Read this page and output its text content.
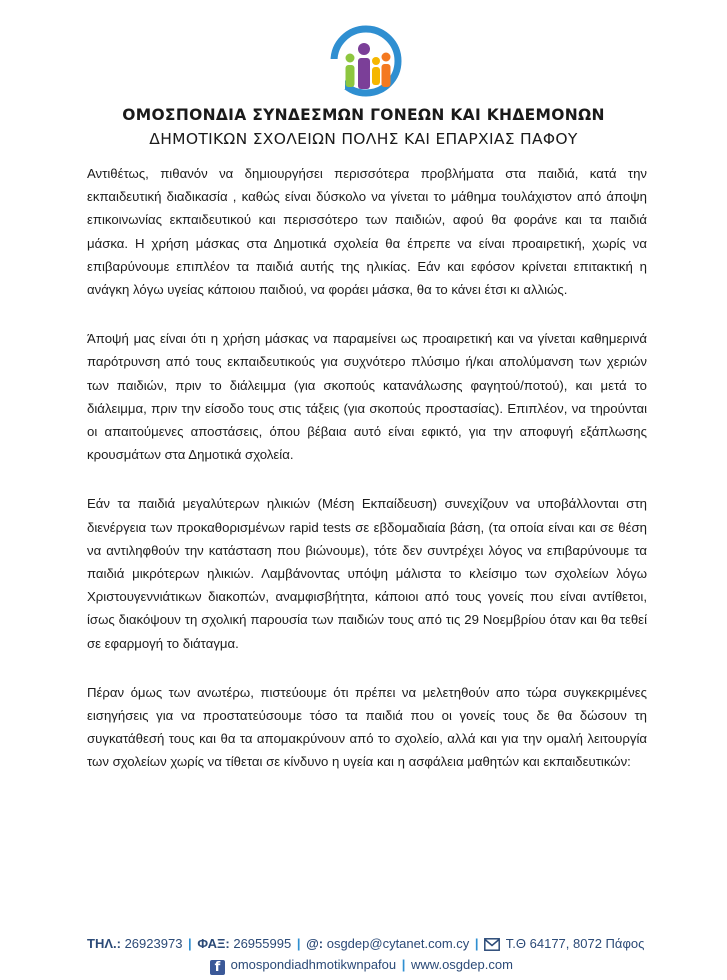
ΟΜΟΣΠΟΝΔΙΑ ΣΥΝΔΕΣΜΩΝ ΓΟΝΕΩΝ ΚΑΙ ΚΗΔΕΜΟΝΩΝ
ΔΗΜΟΤΙΚΩΝ ΣΧΟΛΕΙΩΝ ΠΟΛΗΣ ΚΑΙ ΕΠΑΡΧΙΑΣ ΠΑΦΟΥ

Αντιθέτως, πιθανόν να δημιουργήσει περισσότερα προβλήματα στα παιδιά, κατά την εκπαιδευτική διαδικασία , καθώς είναι δύσκολο να γίνεται το μάθημα τουλάχιστον από άποψη επικοινωνίας εκπαιδευτικού και περισσότερο των παιδιών, αφού θα φοράνε και τα παιδιά μάσκα. Η χρήση μάσκας στα Δημοτικά σχολεία θα έπρεπε να είναι προαιρετική, χωρίς να επιβαρύνουμε επιπλέον τα παιδιά αυτής της ηλικίας. Εάν και εφόσον κρίνεται επιτακτική η ανάγκη λόγω υγείας κάποιου παιδιού, να φοράει μάσκα, θα το κάνει έτσι κι αλλιώς.

Άποψή μας είναι ότι η χρήση μάσκας να παραμείνει ως προαιρετική και να γίνεται καθημερινά παρότρυνση από τους εκπαιδευτικούς για συχνότερο πλύσιμο ή/και απολύμανση των χεριών των παιδιών, πριν το διάλειμμα (για σκοπούς κατανάλωσης φαγητού/ποτού), και μετά το διάλειμμα, πριν την είσοδο τους στις τάξεις (για σκοπούς προστασίας). Επιπλέον, να τηρούνται οι απαιτούμενες αποστάσεις, όπου βέβαια αυτό είναι εφικτό, για την αποφυγή εξάπλωσης κρουσμάτων στα Δημοτικά σχολεία.

Εάν τα παιδιά μεγαλύτερων ηλικιών (Μέση Εκπαίδευση) συνεχίζουν να υποβάλλονται στη διενέργεια των προκαθορισμένων rapid tests σε εβδομαδιαία βάση, (τα οποία είναι και σε θέση να αντιληφθούν την κατάσταση που βιώνουμε), τότε δεν συντρέχει λόγος να επιβαρύνουμε τα παιδιά μικρότερων ηλικιών. Λαμβάνοντας υπόψη μάλιστα το κλείσιμο των σχολείων λόγω Χριστουγεννιάτικων διακοπών, αναμφισβήτητα, κάποιοι από τους γονείς που είναι αντίθετοι, ίσως διακόψουν τη σχολική παρουσία των παιδιών τους από τις 29 Νοεμβρίου όταν και θα τεθεί σε εφαρμογή το διάταγμα.

Πέραν όμως των ανωτέρω, πιστεύουμε ότι πρέπει να μελετηθούν απο τώρα συγκεκριμένες εισηγήσεις για να προστατεύσουμε τόσο τα παιδιά που οι γονείς τους δε θα δώσουν τη συγκατάθεσή τους και θα τα απομακρύνουν από το σχολείο, αλλά και για την ομαλή λειτουργία των σχολείων χωρίς να τίθεται σε κίνδυνο η υγεία και η ασφάλεια μαθητών και εκπαιδευτικών:

ΤΗΛ.: 26923973 | ΦΑΞ: 26955995 | @: osgdep@cytanet.com.cy | Τ.Θ 64177, 8072 Πάφος
f omospondiadhmotikwnpafou | www.osgdep.com
